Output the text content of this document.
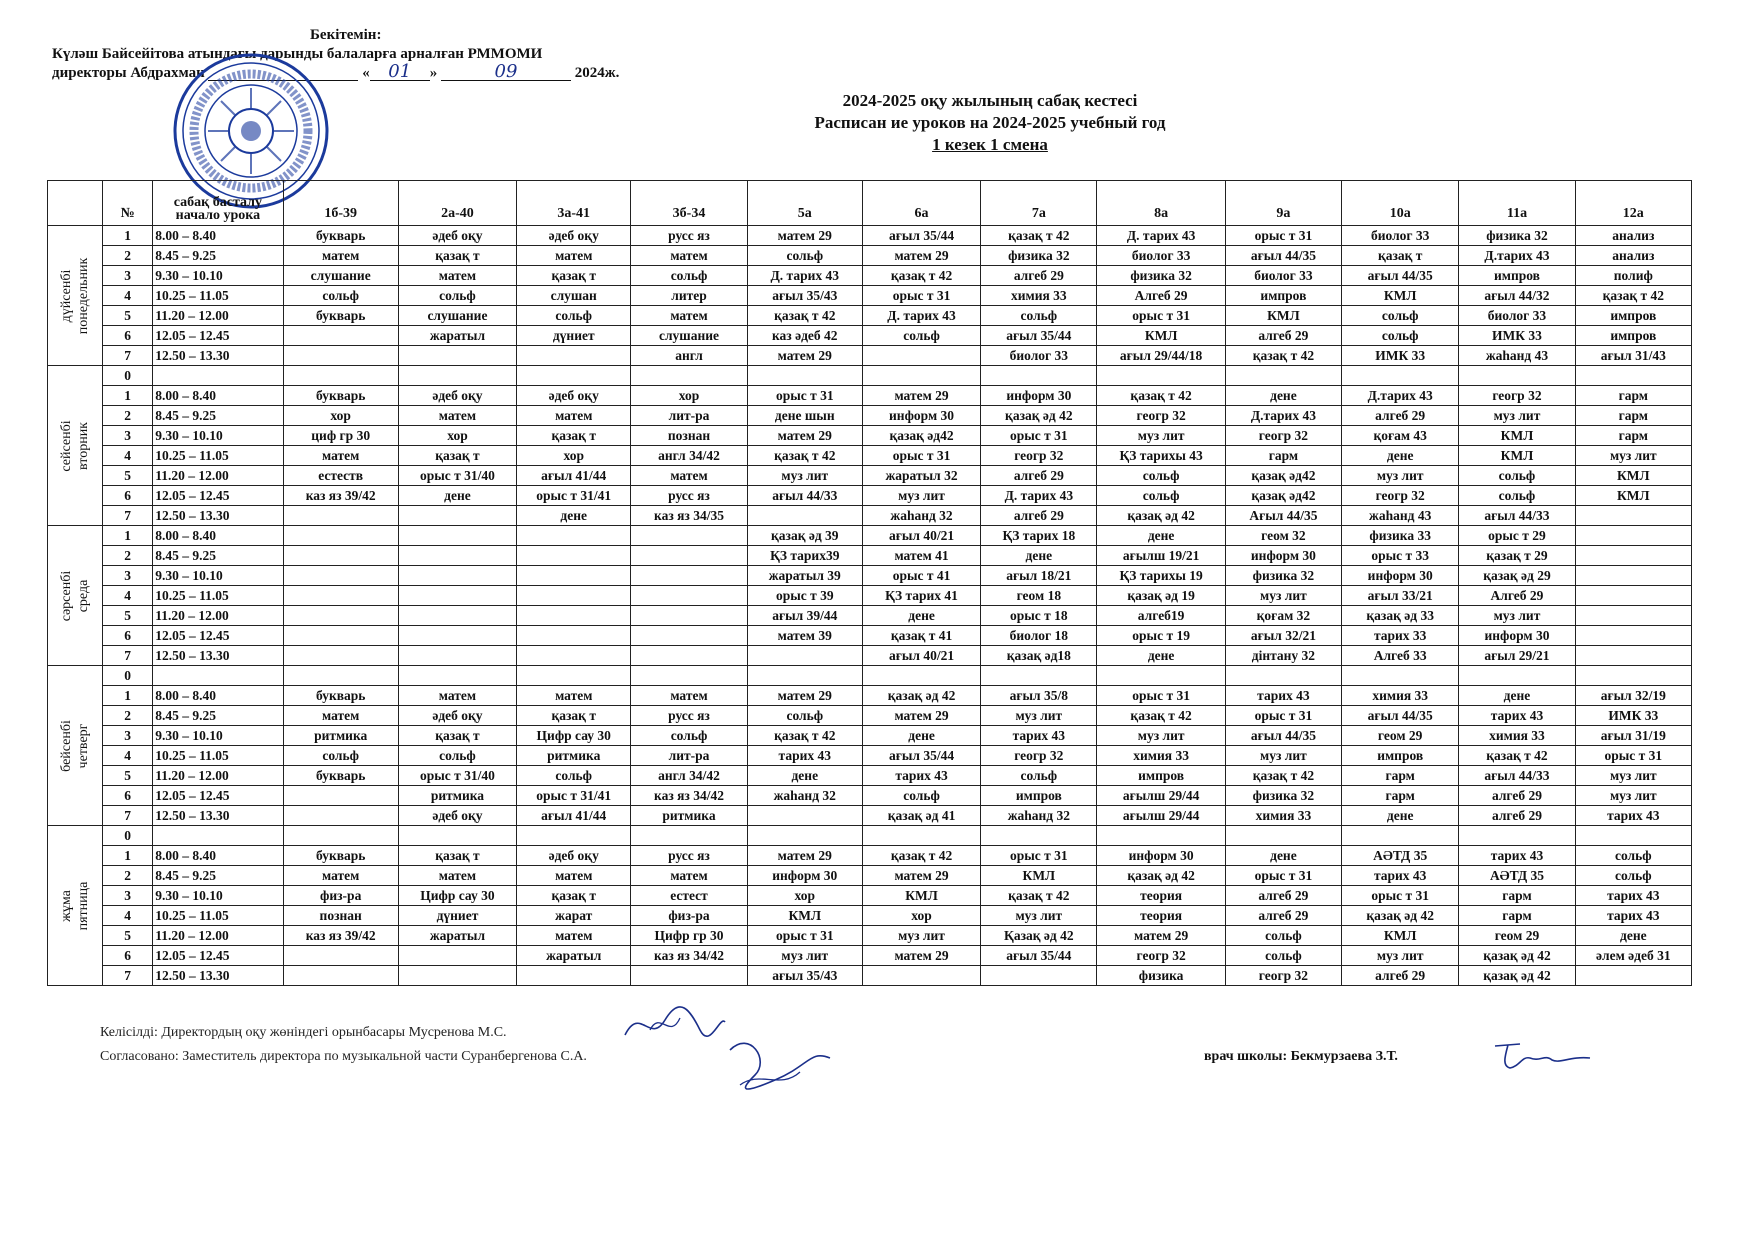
Бекітемін:
Күләш Байсейітова атындағы дарынды балаларға арналған РММОМИ
директоры Абдрахман	« 01 »	09	2024ж.
2024-2025 оқу жылының сабақ кестесі
Расписан ие уроков на 2024-2025 учебный год
1 кезек 1 смена
	№	сабақ басталу
начало урока	1б-39	2а-40	3а-41	3б-34	5а	6а	7а	8а	9а	10а	11а	12а

дүйсенбі
понедельник	1	8.00 – 8.40	букварь	әдеб оқу	әдеб оқу	русс яз	матем 29	ағыл 35/44	қазақ т 42	Д. тарих 43	орыс т 31	биолог 33	физика 32	анализ
	2	8.45 – 9.25	матем	қазақ т	матем	матем	сольф	матем 29	физика 32	биолог 33	ағыл 44/35	қазақ т	Д.тарих 43	анализ
	3	9.30 – 10.10	слушание	матем	қазақ т	сольф	Д. тарих 43	қазақ т 42	алгеб 29	физика 32	биолог 33	ағыл 44/35	импров	полиф
	4	10.25 – 11.05	сольф	сольф	слушан	литер	ағыл 35/43	орыс т 31	химия 33	Алгеб 29	импров	КМЛ	ағыл 44/32	қазақ т 42
	5	11.20 – 12.00	букварь	слушание	сольф	матем	қазақ т 42	Д. тарих 43	сольф	орыс т 31	КМЛ	сольф	биолог 33	импров
	6	12.05 – 12.45		жаратыл	дүниет	слушание	каз әдеб 42	сольф	ағыл 35/44	КМЛ	алгеб 29	сольф	ИМК 33	импров
	7	12.50 – 13.30				англ	матем 29		биолог 33	ағыл 29/44/18	қазақ т 42	ИМК 33	жаһанд 43	ағыл 31/43

сейсенбі
вторник	0													
	1	8.00 – 8.40	букварь	әдеб оқу	әдеб оқу	хор	орыс т 31	матем 29	информ 30	қазақ т 42	дене	Д.тарих 43	геогр 32	гарм
	2	8.45 – 9.25	хор	матем	матем	лит-ра	дене шын	информ 30	қазақ әд 42	геогр 32	Д.тарих 43	алгеб 29	муз лит	гарм
	3	9.30 – 10.10	циф гр 30	хор	қазақ т	познан	матем 29	қазақ әд42	орыс т 31	муз лит	геогр 32	қоғам 43	КМЛ	гарм
	4	10.25 – 11.05	матем	қазақ т	хор	англ 34/42	қазақ т 42	орыс т 31	геогр 32	ҚЗ тарихы 43	гарм	дене	КМЛ	муз лит
	5	11.20 – 12.00	естеств	орыс т 31/40	ағыл 41/44	матем	муз лит	жаратыл 32	алгеб 29	сольф	қазақ әд42	муз лит	сольф	КМЛ
	6	12.05 – 12.45	каз яз 39/42	дене	орыс т 31/41	русс яз	ағыл 44/33	муз лит	Д. тарих 43	сольф	қазақ әд42	геогр 32	сольф	КМЛ
	7	12.50 – 13.30			дене	каз яз 34/35		жаһанд 32	алгеб 29	қазақ әд 42	Ағыл 44/35	жаһанд 43	ағыл 44/33	

сәрсенбі
среда	1	8.00 – 8.40					қазақ әд 39	ағыл 40/21	ҚЗ тарих 18	дене	геом 32	физика 33	орыс т 29	
	2	8.45 – 9.25					ҚЗ тарих39	матем 41	дене	ағылш 19/21	информ 30	орыс т 33	қазақ т 29	
	3	9.30 – 10.10					жаратыл 39	орыс т 41	ағыл 18/21	ҚЗ тарихы 19	физика 32	информ 30	қазақ әд 29	
	4	10.25 – 11.05					орыс т 39	ҚЗ тарих 41	геом 18	қазақ әд 19	муз лит	ағыл 33/21	Алгеб 29	
	5	11.20 – 12.00					ағыл 39/44	дене	орыс т 18	алгеб19	қоғам 32	қазақ әд 33	муз лит	
	6	12.05 – 12.45					матем 39	қазақ т 41	биолог 18	орыс т 19	ағыл 32/21	тарих 33	информ 30	
	7	12.50 – 13.30						ағыл 40/21	қазақ әд18	дене	дінтану 32	Алгеб 33	ағыл 29/21	

бейсенбі
четверг	0													
	1	8.00 – 8.40	букварь	матем	матем	матем	матем 29	қазақ әд 42	ағыл 35/8	орыс т 31	тарих 43	химия 33	дене	ағыл 32/19
	2	8.45 – 9.25	матем	әдеб оқу	қазақ т	русс яз	сольф	матем 29	муз лит	қазақ т 42	орыс т 31	ағыл 44/35	тарих 43	ИМК 33
	3	9.30 – 10.10	ритмика	қазақ т	Цифр сау 30	сольф	қазақ т 42	дене	тарих 43	муз лит	ағыл 44/35	геом 29	химия 33	ағыл 31/19
	4	10.25 – 11.05	сольф	сольф	ритмика	лит-ра	тарих 43	ағыл 35/44	геогр 32	химия 33	муз лит	импров	қазақ т 42	орыс т 31
	5	11.20 – 12.00	букварь	орыс т 31/40	сольф	англ 34/42	дене	тарих 43	сольф	импров	қазақ т 42	гарм	ағыл 44/33	муз лит
	6	12.05 – 12.45		ритмика	орыс т 31/41	каз яз 34/42	жаһанд 32	сольф	импров	ағылш 29/44	физика 32	гарм	алгеб 29	муз лит
	7	12.50 – 13.30		әдеб оқу	ағыл 41/44	ритмика		қазақ әд 41	жаһанд 32	ағылш 29/44	химия 33	дене	алгеб 29	тарих 43

жұма
пятница	0													
	1	8.00 – 8.40	букварь	қазақ т	әдеб оқу	русс яз	матем 29	қазақ т 42	орыс т 31	информ 30	дене	АӘТД 35	тарих 43	сольф
	2	8.45 – 9.25	матем	матем	матем	матем	информ 30	матем 29	КМЛ	қазақ әд 42	орыс т 31	тарих 43	АӘТД 35	сольф
	3	9.30 – 10.10	физ-ра	Цифр сау 30	қазақ т	естест	хор	КМЛ	қазақ т 42	теория	алгеб 29	орыс т 31	гарм	тарих 43
	4	10.25 – 11.05	познан	дүниет	жарат	физ-ра	КМЛ	хор	муз лит	теория	алгеб 29	қазақ әд 42	гарм	тарих 43
	5	11.20 – 12.00	каз яз 39/42	жаратыл	матем	Цифр гр 30	орыс т 31	муз лит	Қазақ әд 42	матем 29	сольф	КМЛ	геом 29	дене
	6	12.05 – 12.45			жаратыл	каз яз 34/42	муз лит	матем 29	ағыл 35/44	геогр 32	сольф	муз лит	қазақ әд 42	әлем әдеб 31
	7	12.50 – 13.30					ағыл 35/43			физика	геогр 32	алгеб 29	қазақ әд 42	
Келісілді: Директордың оқу жөніндегі орынбасары Мусренова М.С.
Согласовано: Заместитель директора по музыкальной части Суранбергенова С.А.	врач школы: Бекмурзаева З.Т.
